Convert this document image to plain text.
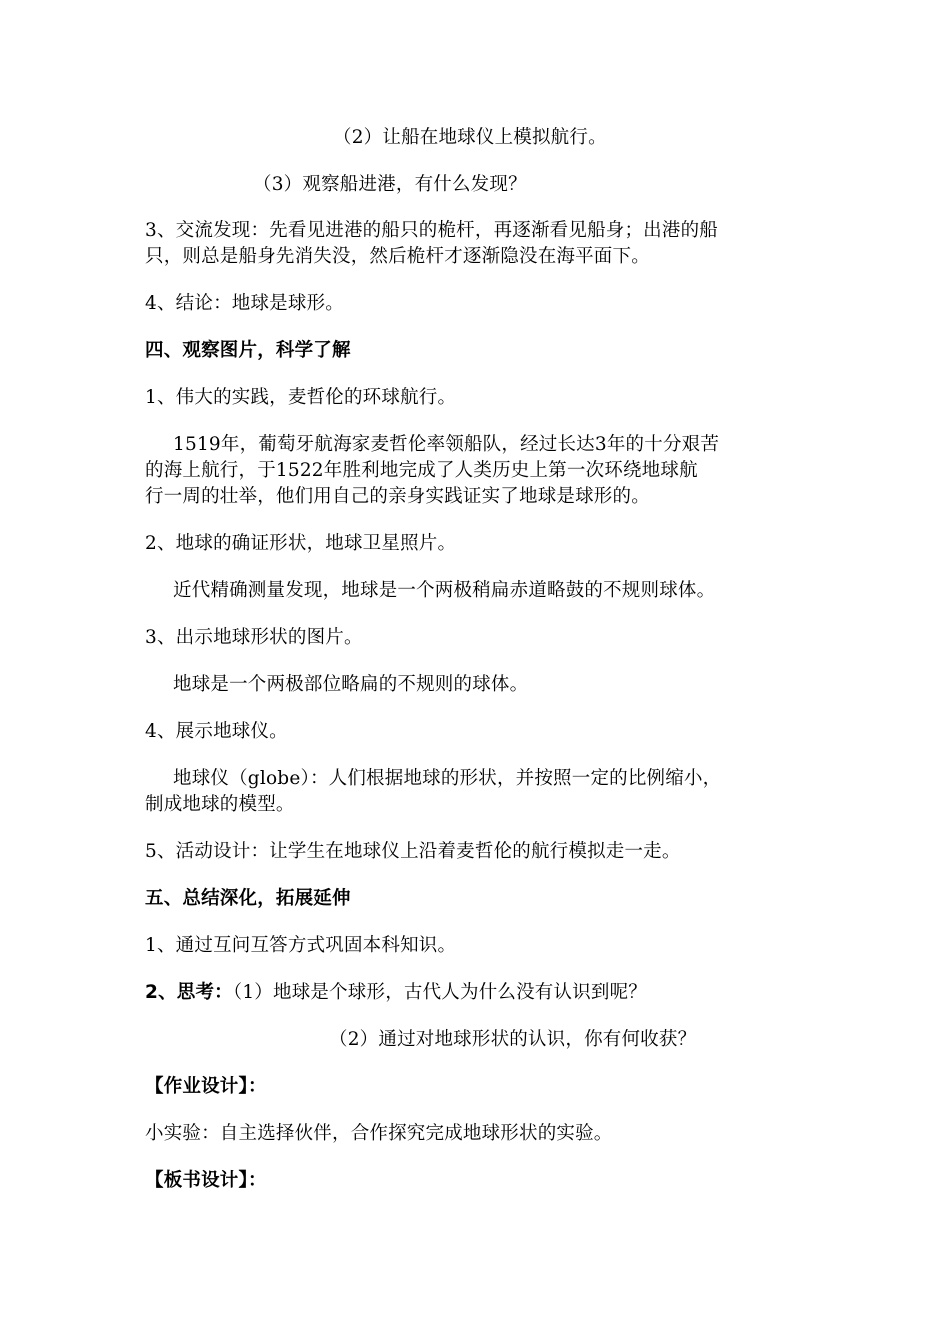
（2）让船在地球仪上模拟航行。
（3）观察船进港，有什么发现？
3、交流发现：先看见进港的船只的桅杆，再逐渐看见船身；出港的船
只，则总是船身先消失没，然后桅杆才逐渐隐没在海平面下。
4、结论：地球是球形。
四、观察图片，科学了解
1、伟大的实践，麦哲伦的环球航行。
1519年，葡萄牙航海家麦哲伦率领船队，经过长达3年的十分艰苦
的海上航行，于1522年胜利地完成了人类历史上第一次环绕地球航
行一周的壮举，他们用自己的亲身实践证实了地球是球形的。
2、地球的确证形状，地球卫星照片。
近代精确测量发现，地球是一个两极稍扁赤道略鼓的不规则球体。
3、出示地球形状的图片。
地球是一个两极部位略扁的不规则的球体。
4、展示地球仪。
地球仪（globe）：人们根据地球的形状，并按照一定的比例缩小，
制成地球的模型。
5、活动设计：让学生在地球仪上沿着麦哲伦的航行模拟走一走。
五、总结深化，拓展延伸
1、通过互问互答方式巩固本科知识。
2、思考：（1）地球是个球形，古代人为什么没有认识到呢？
（2）通过对地球形状的认识，你有何收获？
【作业设计】：
小实验：自主选择伙伴，合作探究完成地球形状的实验。
【板书设计】：
